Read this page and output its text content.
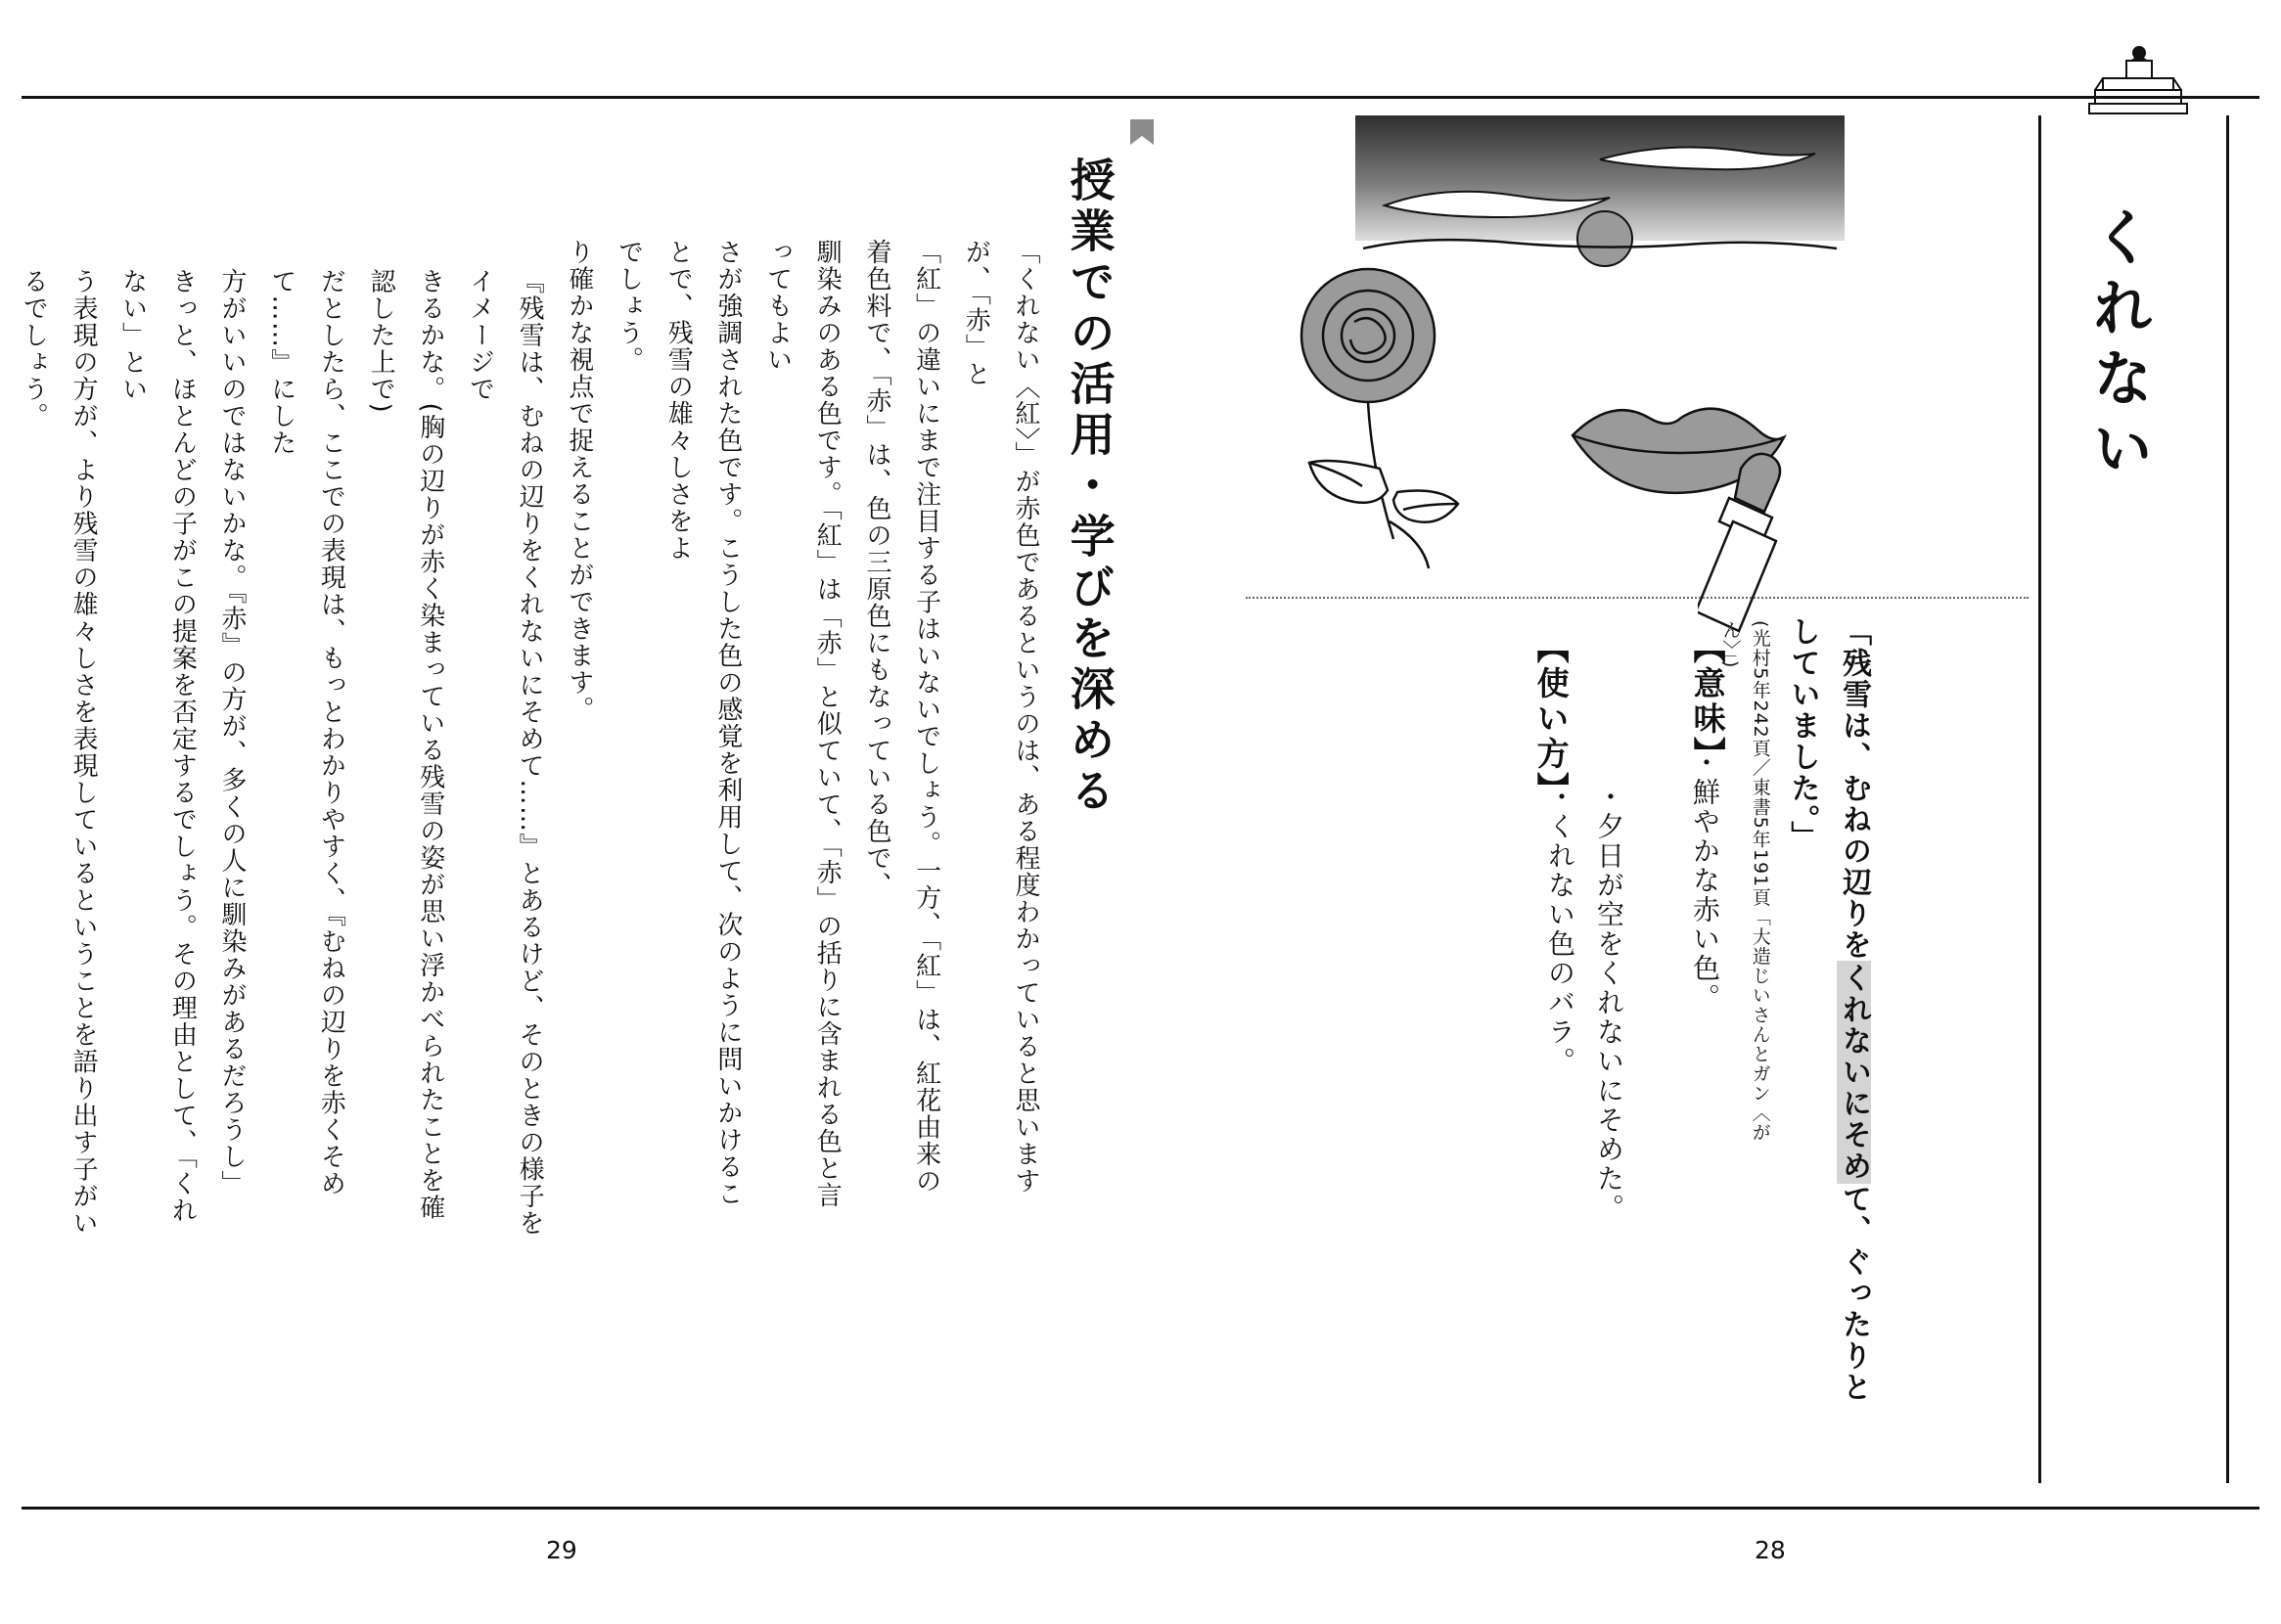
くれない
「残雪は、むねの辺りをくれないにそめて、ぐったりとしていました。」
(光村5年242頁／東書5年191頁「大造じいさんとガン〈がん〉」)
【意味】
・鮮やかな赤い色。
【使い方】
・夕日が空をくれないにそめた。
・くれない色のバラ。
授業での活用・学びを深める
「くれない〈紅〉」が赤色であるというのは、ある程度わかっていると思いますが、「赤」と
「紅」の違いにまで注目する子はいないでしょう。一方、「紅」は、紅花由来の着色料で、「赤」は、色の三原色にもなっている色で、
馴染みのある色です。「紅」は「赤」と似ていて、「赤」の括りに含まれる色と言ってもよい
さが強調された色です。こうした色の感覚を利用して、次のように問いかけることで、残雪の雄々しさをよ
でしょう。
り確かな視点で捉えることができます。
『残雪は、むねの辺りをくれないにそめて……』とあるけど、そのときの様子をイメージで
きるかな。(胸の辺りが赤く染まっている残雪の姿が思い浮かべられたことを確認した上で)
だとしたら、ここでの表現は、もっとわかりやすく、『むねの辺りを赤くそめて……』にした
方がいいのではないかな。『赤』の方が、多くの人に馴染みがあるだろうし」
きっと、ほとんどの子がこの提案を否定するでしょう。その理由として、「くれない」とい
う表現の方が、より残雪の雄々しさを表現しているということを語り出す子がいるでしょう。
29	28
